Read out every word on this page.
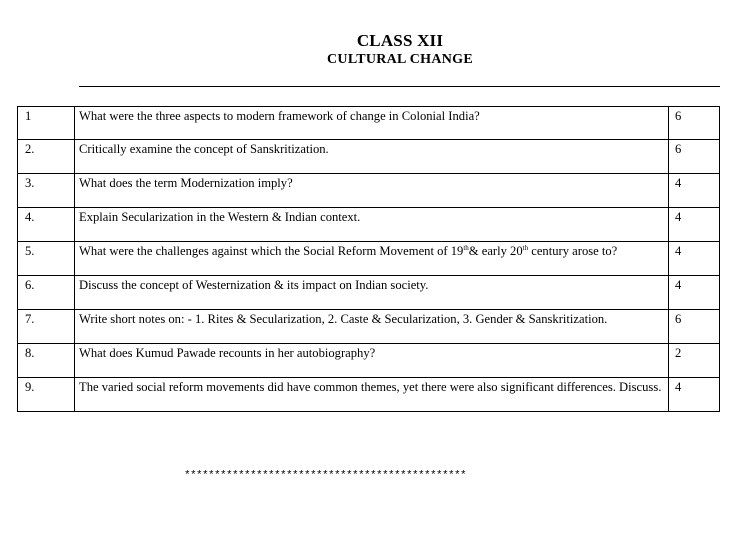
CLASS XII
CULTURAL CHANGE
1	What were the three aspects to modern framework of change in Colonial India?	6
2.	Critically examine the concept of Sanskritization.	6
3.	What does the term Modernization imply?	4
4.	Explain Secularization in the Western & Indian context.	4
5.	What were the challenges against which the Social Reform Movement of 19th& early 20th century arose to?	4
6.	Discuss the concept of Westernization & its impact on Indian society.	4
7.	Write short notes on: - 1. Rites & Secularization, 2. Caste & Secularization, 3. Gender & Sanskritization.	6
8.	What does Kumud Pawade recounts in her autobiography?	2
9.	The varied social reform movements did have common themes, yet there were also significant differences. Discuss.	4
***********************************************
